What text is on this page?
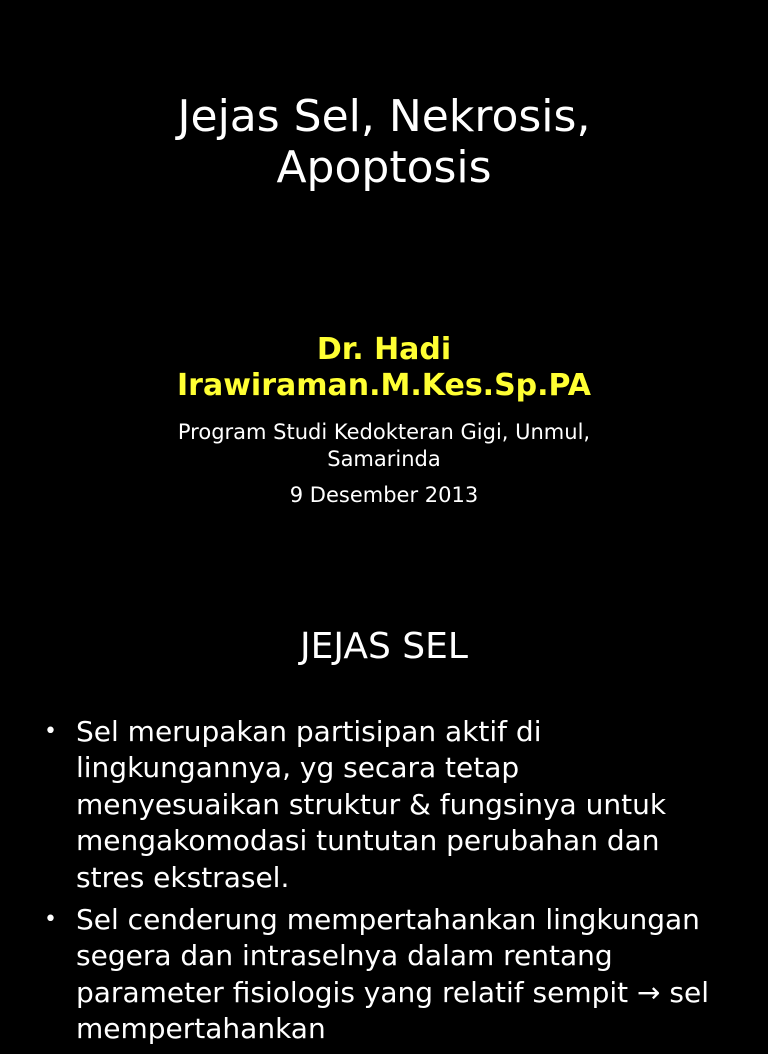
Jejas Sel, Nekrosis,
Apoptosis

Dr. Hadi
Irawiraman.M.Kes.Sp.PA

Program Studi Kedokteran Gigi, Unmul,
Samarinda

9 Desember 2013

JEJAS SEL
• Sel merupakan partisipan aktif di lingkungannya, yg secara tetap menyesuaikan struktur & fungsinya untuk mengakomodasi tuntutan perubahan dan stres ekstrasel.
• Sel cenderung mempertahankan lingkungan segera dan intraselnya dalam rentang parameter fisiologis yang relatif sempit → sel mempertahankan
